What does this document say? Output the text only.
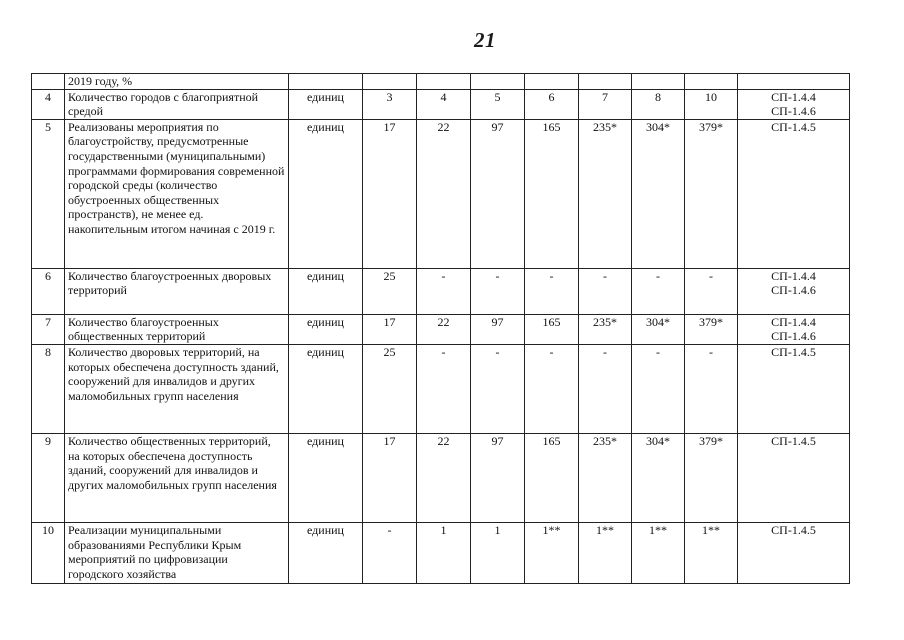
21
	2019 году, %									
4	Количество городов с благоприятной средой	единиц	3	4	5	6	7	8	10	СП-1.4.4
СП-1.4.6

5	Реализованы мероприятия по благоустройству, предусмотренные государственными (муниципальными) программами формирования современной городской среды (количество обустроенных общественных пространств), не менее ед. накопительным итогом начиная с 2019 г.	единиц	17	22	97	165	235*	304*	379*	СП-1.4.5

6	Количество благоустроенных дворовых территорий	единиц	25	-	-	-	-	-	-	СП-1.4.4
СП-1.4.6

7	Количество благоустроенных общественных территорий	единиц	17	22	97	165	235*	304*	379*	СП-1.4.4
СП-1.4.6

8	Количество дворовых территорий, на которых обеспечена доступность зданий, сооружений для инвалидов и других маломобильных групп населения	единиц	25	-	-	-	-	-	-	СП-1.4.5

9	Количество общественных территорий, на которых обеспечена доступность зданий, сооружений для инвалидов и других маломобильных групп населения	единиц	17	22	97	165	235*	304*	379*	СП-1.4.5

10	Реализации муниципальными образованиями Республики Крым мероприятий по цифровизации городского хозяйства	единиц	-	1	1	1**	1**	1**	1**	СП-1.4.5
